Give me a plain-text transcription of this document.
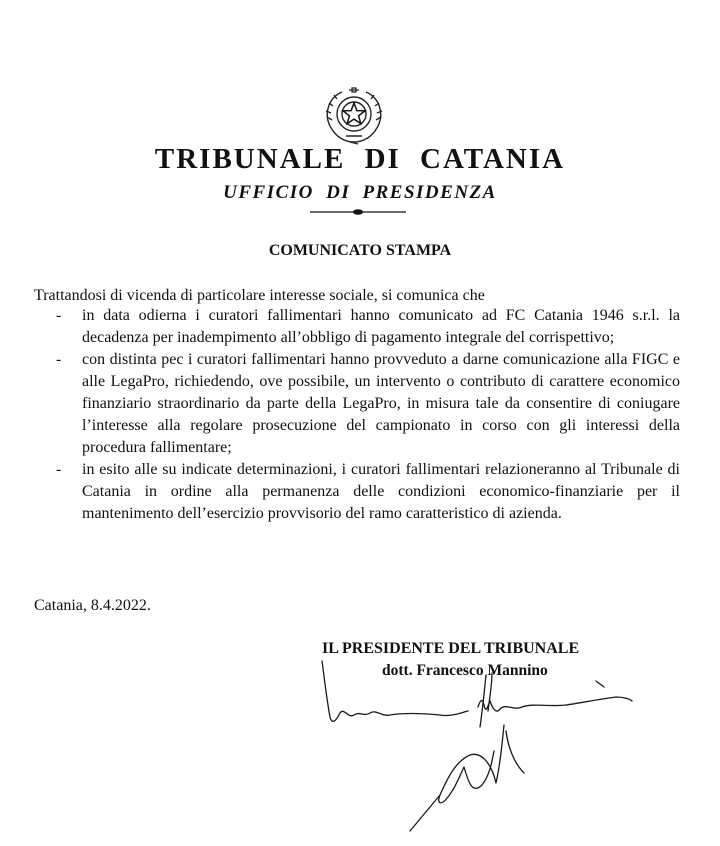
TRIBUNALE DI CATANIA
UFFICIO DI PRESIDENZA
COMUNICATO STAMPA
Trattandosi di vicenda di particolare interesse sociale, si comunica che
- in data odierna i curatori fallimentari hanno comunicato ad FC Catania 1946 s.r.l. la decadenza per inadempimento all’obbligo di pagamento integrale del corrispettivo;
- con distinta pec i curatori fallimentari hanno provveduto a darne comunicazione alla FIGC e alle LegaPro, richiedendo, ove possibile, un intervento o contributo di carattere economico finanziario straordinario da parte della LegaPro, in misura tale da consentire di coniugare l’interesse alla regolare prosecuzione del campionato in corso con gli interessi della procedura fallimentare;
- in esito alle su indicate determinazioni, i curatori fallimentari relazioneranno al Tribunale di Catania in ordine alla permanenza delle condizioni economico-finanziarie per il mantenimento dell’esercizio provvisorio del ramo caratteristico di azienda.
Catania, 8.4.2022.
IL PRESIDENTE DEL TRIBUNALE
dott. Francesco Mannino
